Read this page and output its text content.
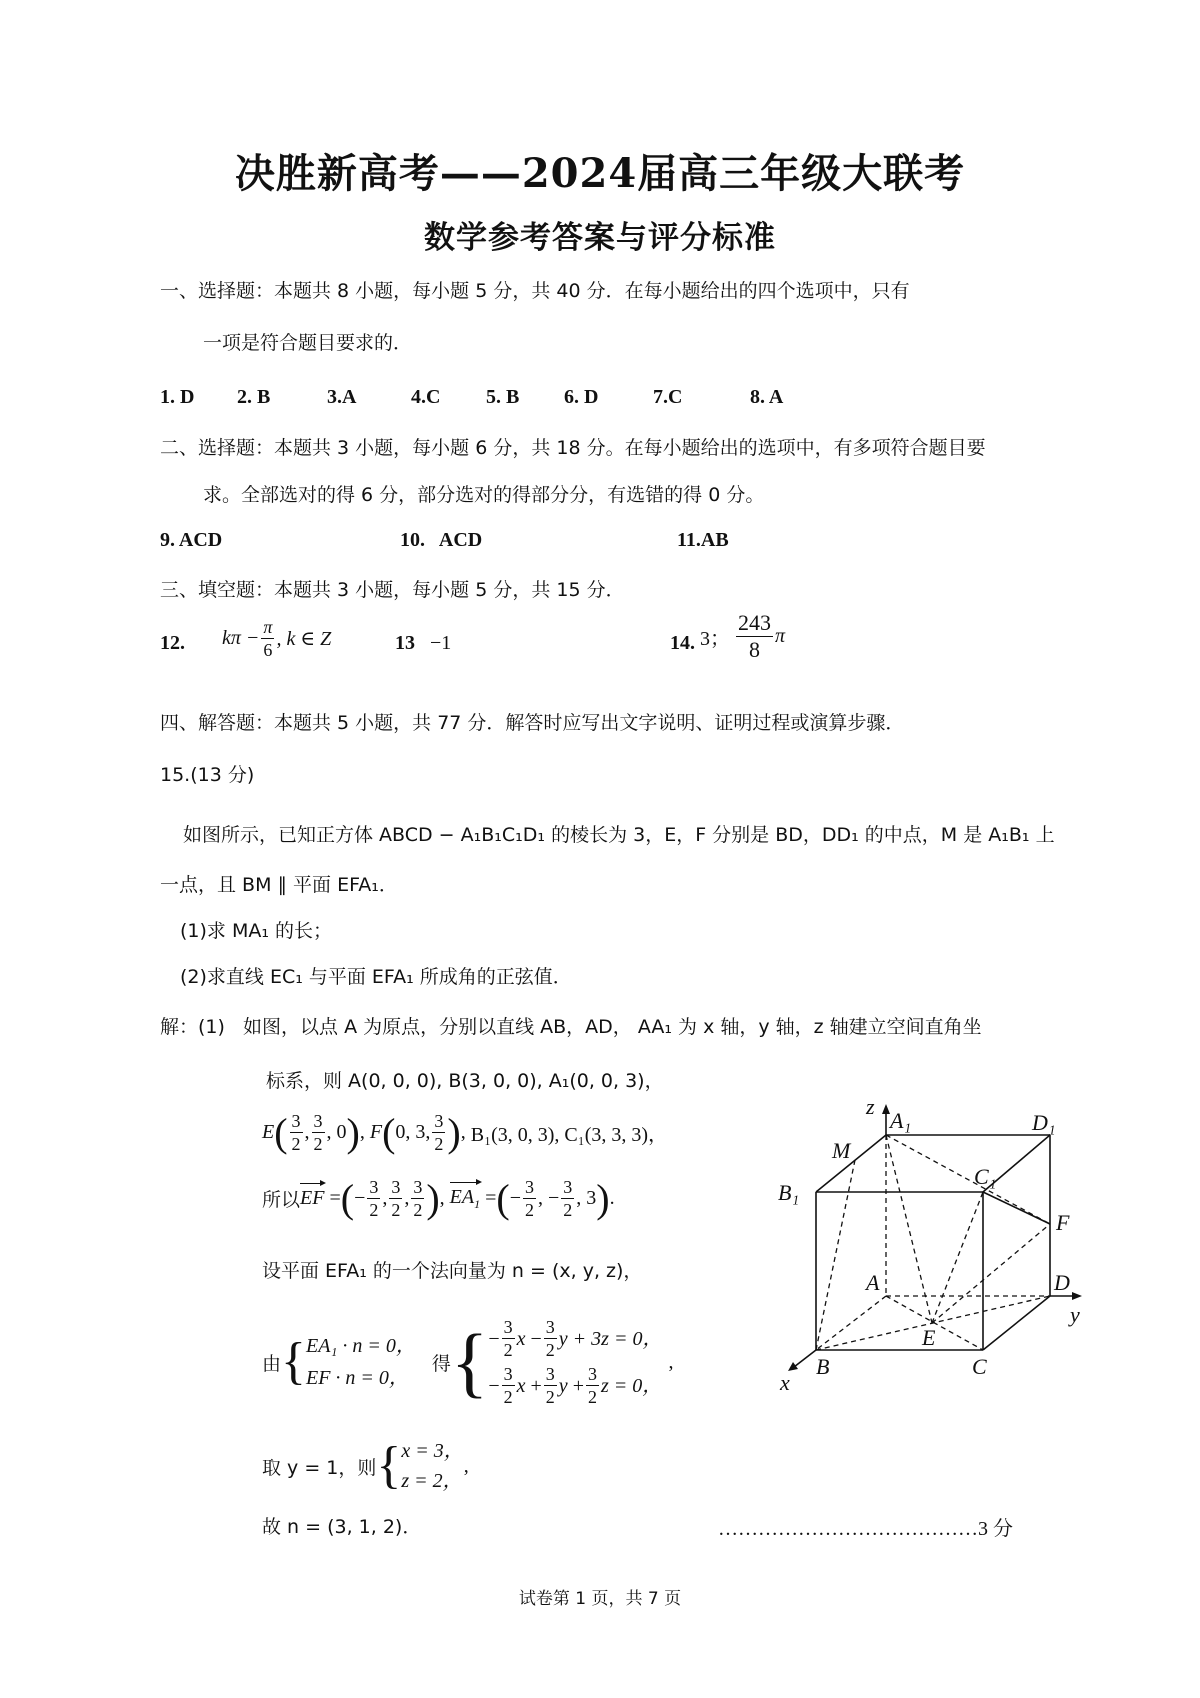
决胜新高考——2024届高三年级大联考
数学参考答案与评分标准
一、选择题：本题共 8 小题，每小题 5 分，共 40 分．在每小题给出的四个选项中，只有
一项是符合题目要求的．
1. D 2. B	3.A	4.C 5. B 6. D	7.C	8. A
二、选择题：本题共 3 小题，每小题 6 分，共 18 分。在每小题给出的选项中，有多项符合题目要
求。全部选对的得 6 分，部分选对的得部分分，有选错的得 0 分。
9. ACD	10.   ACD	11.AB
三、填空题：本题共 3 小题，每小题 5 分，共 15 分．
12. $k\pi - \frac{\pi}{6}$ , k ∈ Z	13 −1	14. 3； $\frac{243}{8}$ π
四、解答题：本题共 5 小题，共 77 分．解答时应写出文字说明、证明过程或演算步骤．
15.(13 分)
如图所示，已知正方体 ABCD − A₁B₁C₁D₁ 的棱长为 3，E，F 分别是 BD，DD₁ 的中点，M 是 A₁B₁ 上
一点，且 BM ∥ 平面 EFA₁．
(1)求 MA₁ 的长；
(2)求直线 EC₁ 与平面 EFA₁ 所成角的正弦值．
解：(1)   如图，以点 A 为原点，分别以直线 AB，AD， AA₁ 为 x 轴，y 轴，z 轴建立空间直角坐
标系，则 A(0, 0, 0), B(3, 0, 0), A₁(0, 0, 3)，
E ( $\frac{3}{2}$ , $\frac{3}{2}$ , 0 ) , F ( 0, 3, $\frac{3}{2}$ ) , B₁(3, 0, 3), C₁(3, 3, 3)，
所以 EF = ( − $\frac{3}{2}$ , $\frac{3}{2}$ , $\frac{3}{2}$ ) , $EA_1$ = ( − $\frac{3}{2}$ , − $\frac{3}{2}$ , 3 ) .
设平面 EFA₁ 的一个法向量为 n = (x, y, z)，
由 { EA₁ · n = 0，
EF · n = 0，
得 { − $\frac{3}{2}$ $x - \frac{3}{2}$ y + 3z = 0，
− $\frac{3}{2}$ $x + \frac{3}{2}$ $y + \frac{3}{2}$ z = 0，
,
取 y = 1，则 { x = 3，
z = 2，
,
故 n = (3, 1, 2)．	…………………………………3 分
z
A₁	D₁
M
C₁
B₁
F
A	D
y
E
B	C
x
试卷第 1 页，共 7 页
